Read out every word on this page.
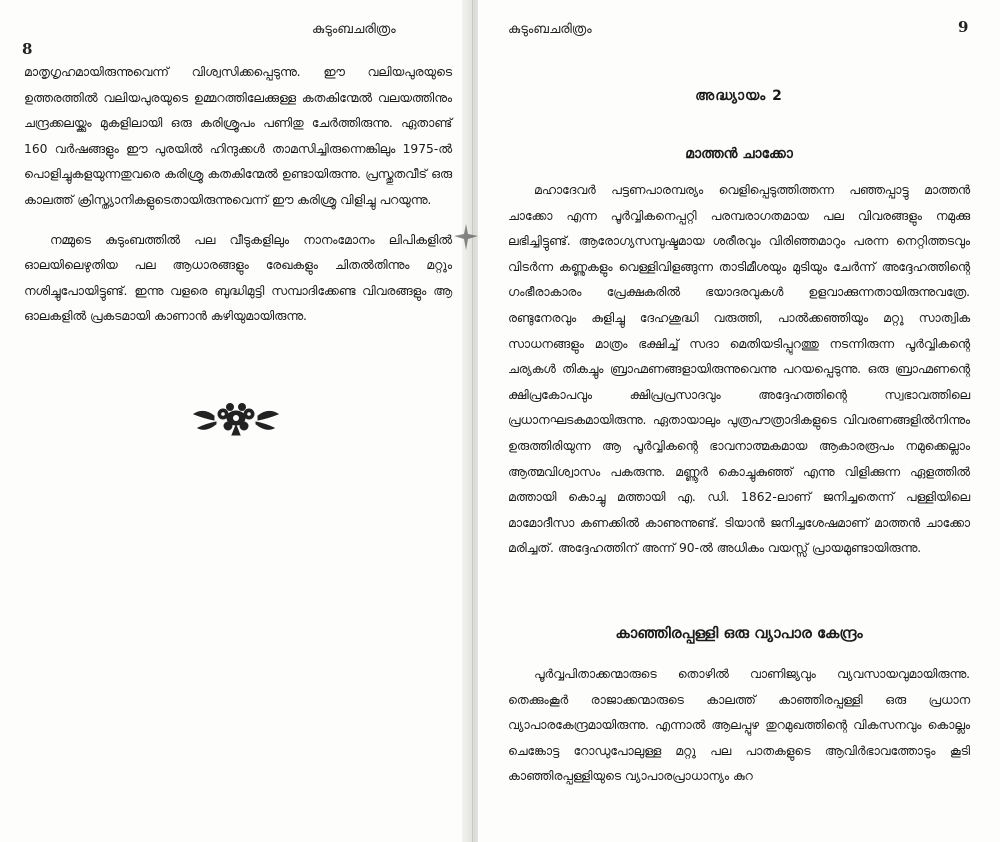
കുടുംബചരിത്രം
8

മാതൃഗൃഹമായിരുന്നുവെന്ന് വിശ്വസിക്കപ്പെടുന്നു. ഈ വലിയപുരയുടെ ഉത്തരത്തിൽ വലിയപുരയുടെ ഉമ്മറത്തിലേക്കുള്ള കതകിന്മേൽ വലയത്തിനും ചന്ദ്രക്കലയ്ക്കും മുകളിലായി ഒരു കരിശ്രൂപം പണിതു ചേർത്തിരുന്നു. ഏതാണ്ട് 160 വർഷങ്ങളും ഈ പുരയിൽ ഹിന്ദുക്കൾ താമസിച്ചിരുന്നെങ്കിലും 1975-ൽ പൊളിച്ചുകളയുന്നതുവരെ കരിശ്രൂ കതകിന്മേൽ ഉണ്ടായിരുന്നു. പ്രസ്തുതവീട് ഒരു കാലത്ത് ക്രിസ്ത്യാനികളുടെതായിരുന്നുവെന്ന് ഈ കരിശ്രൂ വിളിച്ചു പറയുന്നു.

നമ്മുടെ കുടുംബത്തിൽ പല വീടുകളിലും നാനംമോനം ലിപികളിൽ ഓലയിലെഴുതിയ പല ആധാരങ്ങളും രേഖകളും ചിതൽതിന്നും മറ്റും നശിച്ചുപോയിട്ടുണ്ട്. ഇന്നു വളരെ ബുദ്ധിമുട്ടി സമ്പാദിക്കേണ്ട വിവരങ്ങളും ആ ഓലകളിൽ പ്രകടമായി കാണാൻ കഴിയുമായിരുന്നു.

കുടുംബചരിത്രം	9
അദ്ധ്യായം 2
മാത്തൻ ചാക്കോ

മഹാദേവർ പട്ടണപാരമ്പര്യം വെളിപ്പെടുത്തിത്തന്ന പഞ്ഞപ്പാട്ടു മാത്തൻ ചാക്കോ എന്ന പൂർവ്വികനെപ്പറ്റി പരമ്പരാഗതമായ പല വിവരങ്ങളും നമുക്കു ലഭിച്ചിട്ടുണ്ട്. ആരോഗ്യസമ്പുഷ്ടമായ ശരീരവും വിരിഞ്ഞമാറും പരന്ന നെറ്റിത്തടവും വിടർന്ന കണ്ണുകളും വെള്ളിവിളങ്ങുന്ന താടിമീശയും മുടിയും ചേർന്ന് അദ്ദേഹത്തിന്റെ ഗംഭീരാകാരം പ്രേക്ഷകരിൽ ഭയാദരവുകൾ ഉളവാക്കുന്നതായിരുന്നുവത്രേ. രണ്ടുനേരവും കുളിച്ചു ദേഹശുദ്ധി വരുത്തി, പാൽക്കഞ്ഞിയും മറ്റു സാത്വിക സാധനങ്ങളും മാത്രം ഭക്ഷിച്ച് സദാ മെതിയടിപ്പുറത്തു നടന്നിരുന്ന പൂർവ്വികന്റെ ചര്യകൾ തികച്ചും ബ്രാഹ്മണങ്ങളായിരുന്നുവെന്നു പറയപ്പെടുന്നു. ഒരു ബ്രാഹ്മണന്റെ ക്ഷിപ്രകോപവും ക്ഷിപ്രപ്രസാദവും അദ്ദേഹത്തിന്റെ സ്വഭാവത്തിലെ പ്രധാനഘടകമായിരുന്നു. ഏതായാലും പുത്രപൗത്രാദികളുടെ വിവരണങ്ങളിൽനിന്നും ഉരുത്തിരിയുന്ന ആ പൂർവ്വികന്റെ ഭാവനാത്മകമായ ആകാരരൂപം നമുക്കെല്ലാം ആത്മവിശ്വാസം പകരുന്നു. മണ്ണൂർ കൊച്ചുകുഞ്ഞ് എന്നു വിളിക്കുന്ന ഏളത്തിൽ മത്തായി കൊച്ചു മത്തായി എ. ഡി. 1862-ലാണ് ജനിച്ചതെന്ന് പള്ളിയിലെ മാമോദീസാ കണക്കിൽ കാണുന്നുണ്ട്. ടിയാൻ ജനിച്ചശേഷമാണ് മാത്തൻ ചാക്കോ മരിച്ചത്. അദ്ദേഹത്തിന് അന്ന് 90-ൽ അധികം വയസ്സ് പ്രായമുണ്ടായിരുന്നു.

കാഞ്ഞിരപ്പള്ളി ഒരു വ്യാപാര കേന്ദ്രം

പൂർവ്വപിതാക്കന്മാരുടെ തൊഴിൽ വാണിജ്യവും വ്യവസായവുമായിരുന്നു. തെക്കുംകൂർ രാജാക്കന്മാരുടെ കാലത്ത് കാഞ്ഞിരപ്പള്ളി ഒരു പ്രധാന വ്യാപാരകേന്ദ്രമായിരുന്നു. എന്നാൽ ആലപ്പുഴ തുറമുഖത്തിന്റെ വികസനവും കൊല്ലം ചെങ്കോട്ട റോഡുപോലുള്ള മറ്റു പല പാതകളുടെ ആവിർഭാവത്തോടും കൂടി കാഞ്ഞിരപ്പള്ളിയുടെ വ്യാപാരപ്രാധാന്യം കുറ
